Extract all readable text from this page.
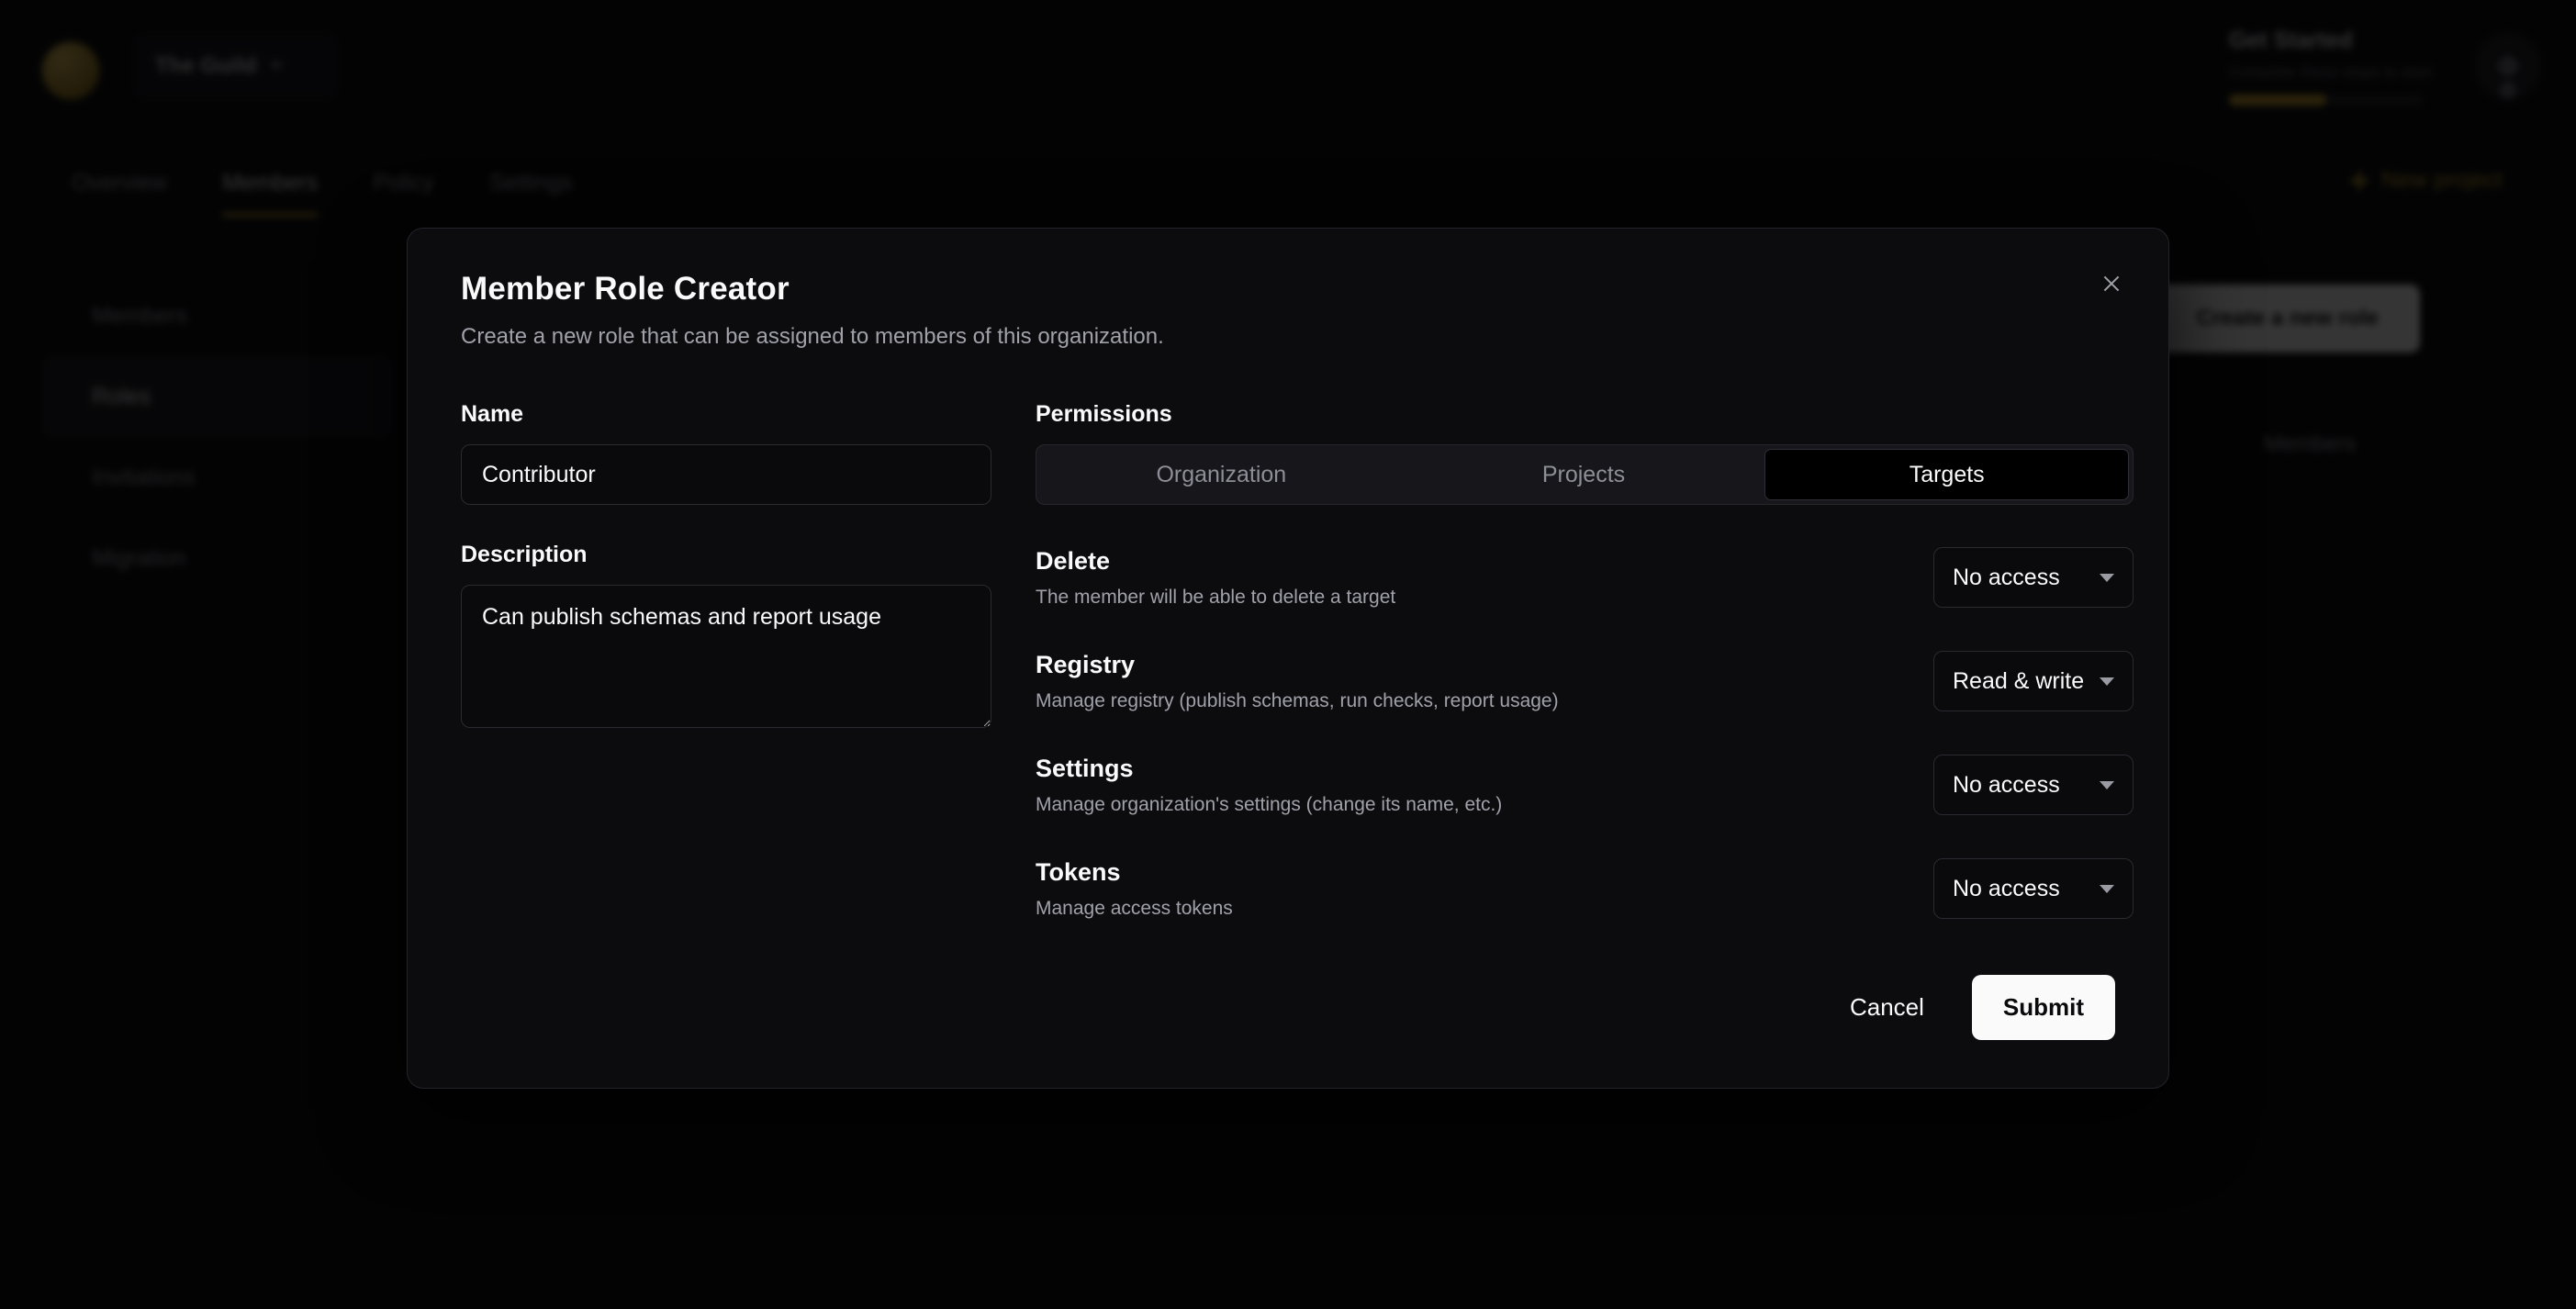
Member Role Creator
Create a new role that can be assigned to members of this organization.
Name
Contributor
Description
Can publish schemas and report usage
Permissions
Organization	Projects	Targets
Delete
The member will be able to delete a target
No access
Registry
Manage registry (publish schemas, run checks, report usage)
Read & write
Settings
Manage organization's settings (change its name, etc.)
No access
Tokens
Manage access tokens
No access
Cancel	Submit
